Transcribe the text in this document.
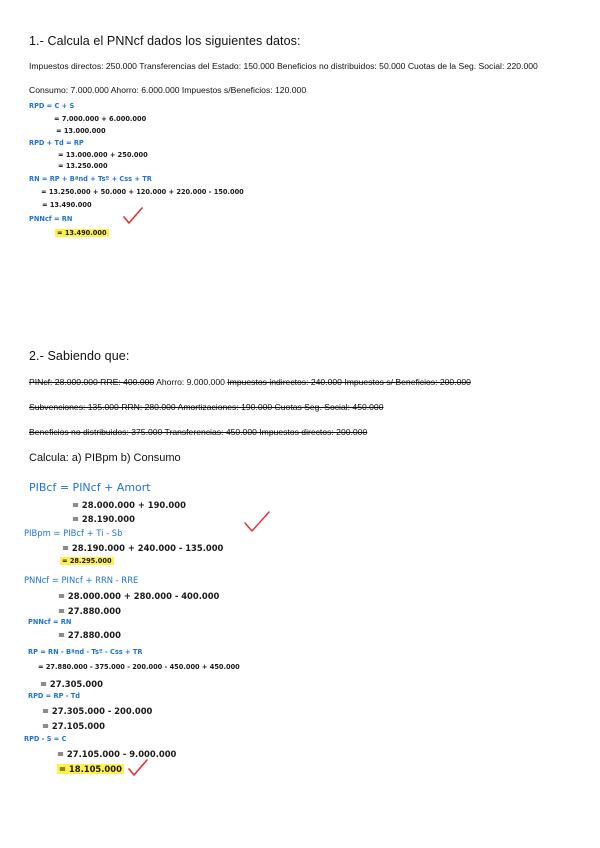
1.- Calcula el PNNcf dados los siguientes datos:
Impuestos directos: 250.000 Transferencias del Estado: 150.000 Beneficios no distribuidos: 50.000 Cuotas de la Seg. Social: 220.000
Consumo: 7.000.000 Ahorro: 6.000.000 Impuestos s/Beneficios: 120.000
RPD = C + S
= 7.000.000 + 6.000.000
= 13.000.000
RPD + Td = RP
= 13.000.000 + 250.000
= 13.250.000
RN = RP + Bªnd + Tsº + Css + TR
= 13.250.000 + 50.000 + 120.000 + 220.000 - 150.000
= 13.490.000
PNNcf = RN
= 13.490.000
2.- Sabiendo que:
PINcf: 28.000.000 RRE: 400.000 Ahorro: 9.000.000 Impuestos indirectos: 240.000 Impuestos s/ Beneficios: 200.000
Subvenciones: 135.000 RRN: 280.000 Amortizaciones: 190.000 Cuotas Seg. Social: 450.000
Beneficios no distribuidos: 375.000 Transferencias: 450.000 Impuestos directos: 200.000
Calcula: a) PIBpm b) Consumo
PIBcf = PINcf + Amort
= 28.000.000 + 190.000
= 28.190.000
PIBpm = PIBcf + Ti - Sb
= 28.190.000 + 240.000 - 135.000
= 28.295.000
PNNcf = PINcf + RRN - RRE
= 28.000.000 + 280.000 - 400.000
= 27.880.000
PNNcf = RN
= 27.880.000
RP = RN - Bªnd - Tsº - Css + TR
= 27.880.000 - 375.000 - 200.000 - 450.000 + 450.000
= 27.305.000
RPD = RP - Td
= 27.305.000 - 200.000
= 27.105.000
RPD - S = C
= 27.105.000 - 9.000.000
= 18.105.000
